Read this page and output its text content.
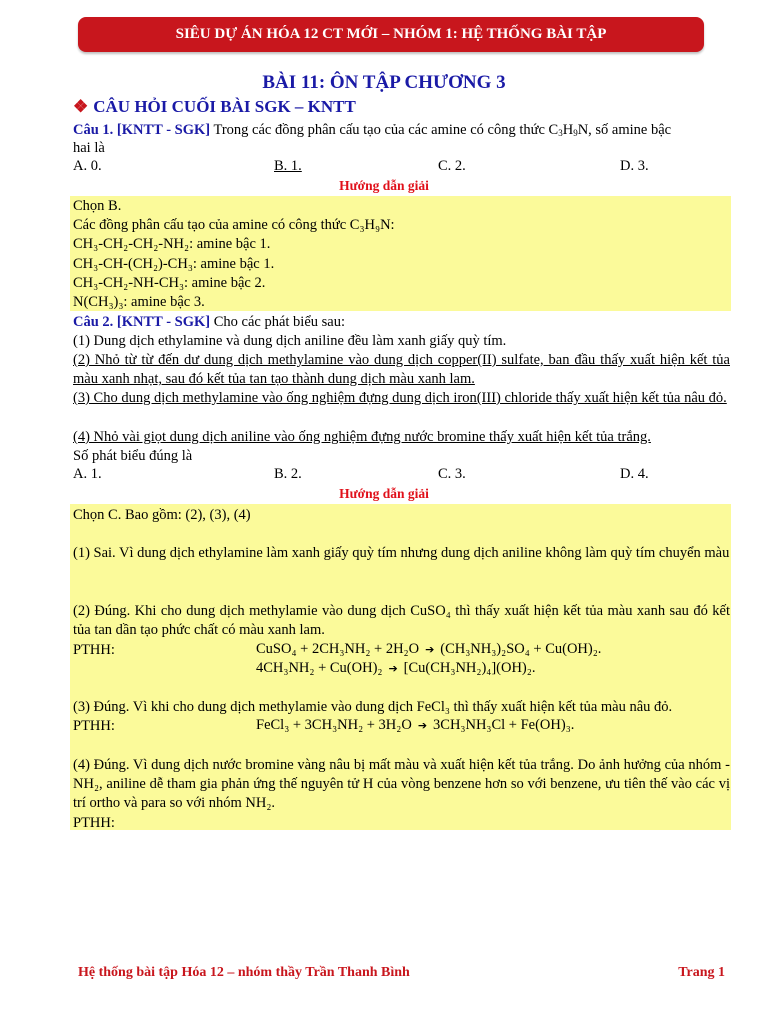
SIÊU DỰ ÁN HÓA 12 CT MỚI – NHÓM 1: HỆ THỐNG BÀI TẬP
BÀI 11: ÔN TẬP CHƯƠNG 3
❖ CÂU HỎI CUỐI BÀI SGK – KNTT
Câu 1. [KNTT - SGK] Trong các đồng phân cấu tạo của các amine có công thức $C_3H_9N$, số amine bậc
hai là
A. 0.	B. 1.	C. 2.	D. 3.
Hướng dẫn giải
Chọn B.
Các đồng phân cấu tạo của amine có công thức C₃H₉N:
CH₃-CH₂-CH₂-NH₂: amine bậc 1.
CH₃-CH-(CH₂)-CH₃: amine bậc 1.
CH₃-CH₂-NH-CH₃: amine bậc 2.
N(CH₃)₃: amine bậc 3.
Câu 2. [KNTT - SGK] Cho các phát biểu sau:
(1) Dung dịch ethylamine và dung dịch aniline đều làm xanh giấy quỳ tím.
(2) Nhỏ từ từ đến dư dung dịch methylamine vào dung dịch copper(II) sulfate, ban đầu thấy xuất hiện kết tủa màu xanh nhạt, sau đó kết tủa tan tạo thành dung dịch màu xanh lam.
(3) Cho dung dịch methylamine vào ống nghiệm đựng dung dịch iron(III) chloride thấy xuất hiện kết tủa nâu đỏ.
(4) Nhỏ vài giọt dung dịch aniline vào ống nghiệm đựng nước bromine thấy xuất hiện kết tủa trắng.
Số phát biểu đúng là
A. 1.	B. 2.	C. 3.	D. 4.
Hướng dẫn giải
Chọn C. Bao gồm: (2), (3), (4)
(1) Sai. Vì dung dịch ethylamine làm xanh giấy quỳ tím nhưng dung dịch aniline không làm quỳ tím chuyển màu
(2) Đúng. Khi cho dung dịch methylamie vào dung dịch CuSO₄ thì thấy xuất hiện kết tủa màu xanh sau đó kết tủa tan dần tạo phức chất có màu xanh lam.
PTHH:	CuSO₄ + 2CH₃NH₂ + 2H₂O ➔ (CH₃NH₃)₂SO₄ + Cu(OH)₂.
4CH₃NH₂ + Cu(OH)₂ ➔ [Cu(CH₃NH₂)₄](OH)₂.
(3) Đúng. Vì khi cho dung dịch methylamie vào dung dịch FeCl₃ thì thấy xuất hiện kết tủa màu nâu đỏ.
PTHH:	FeCl₃ + 3CH₃NH₂ + 3H₂O ➔ 3CH₃NH₃Cl + Fe(OH)₃.
(4) Đúng. Vì dung dịch nước bromine vàng nâu bị mất màu và xuất hiện kết tủa trắng. Do ảnh hưởng của nhóm -NH₂, aniline dễ tham gia phản ứng thế nguyên tử H của vòng benzene hơn so với benzene, ưu tiên thế vào các vị trí ortho và para so với nhóm NH₂.
PTHH:
Hệ thống bài tập Hóa 12 – nhóm thầy Trần Thanh Bình	Trang 1
